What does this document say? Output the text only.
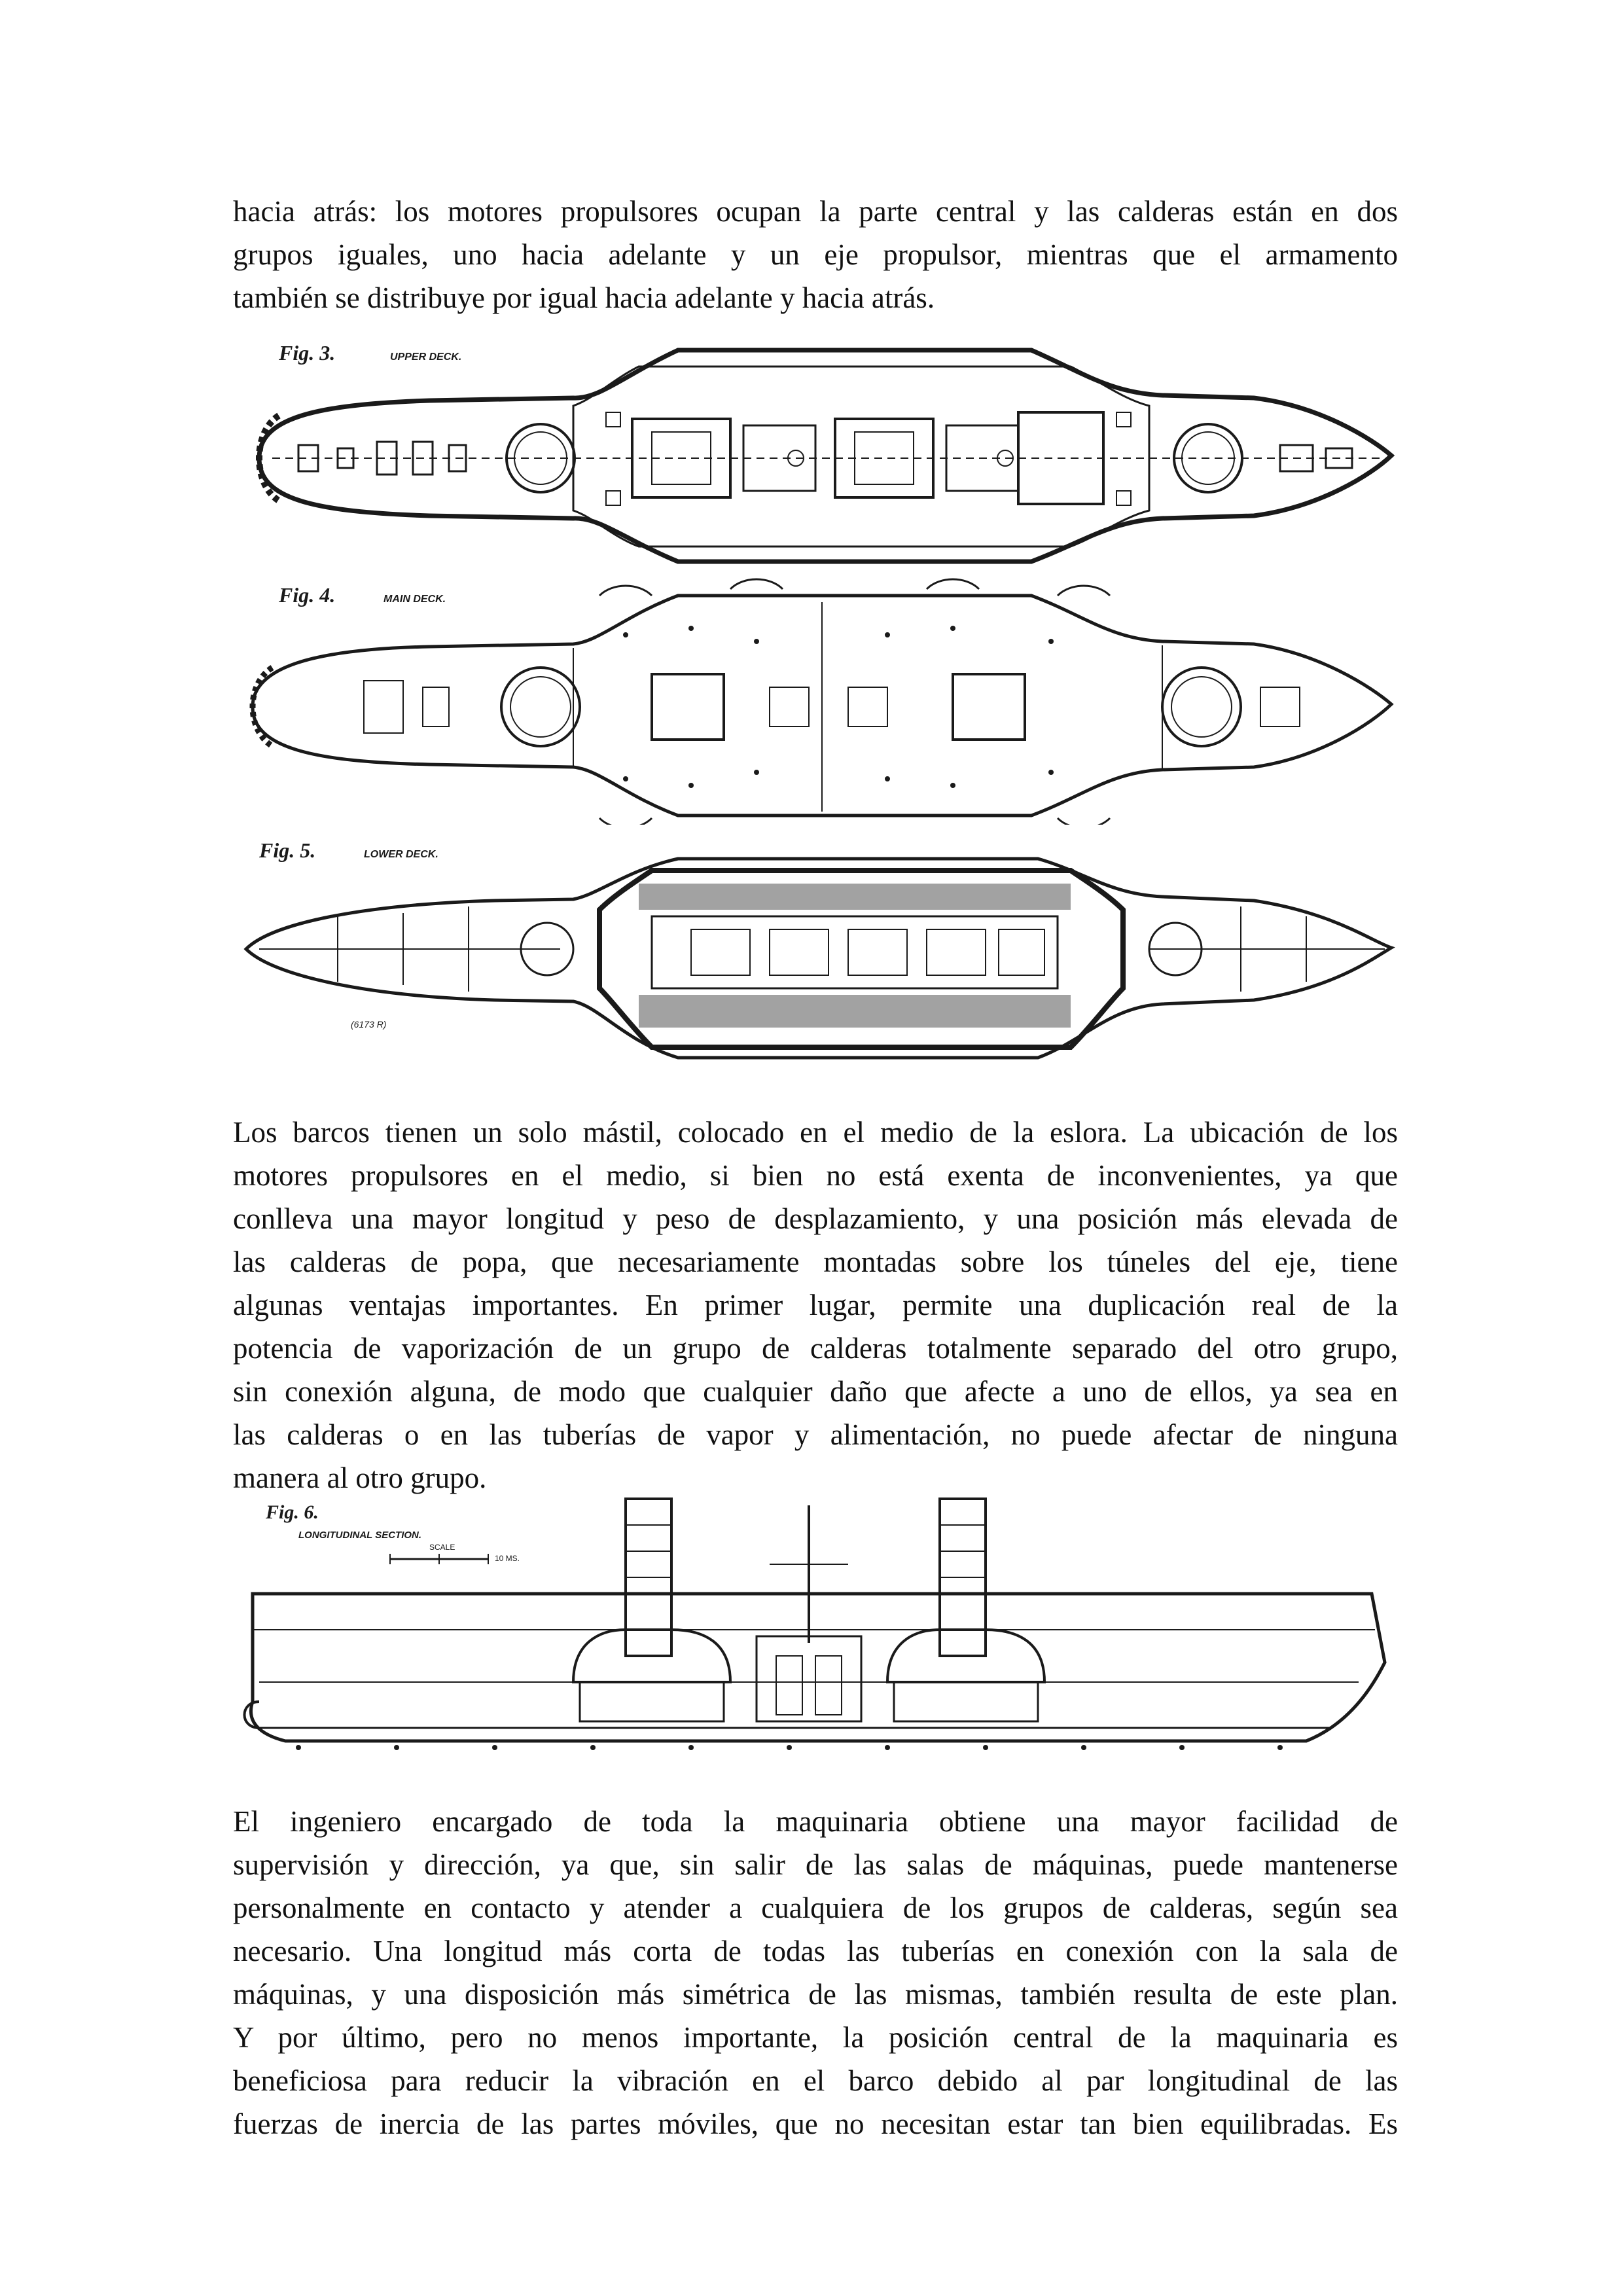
hacia atrás: los motores propulsores ocupan la parte central y las calderas están en dos
grupos iguales, uno hacia adelante y un eje propulsor, mientras que el armamento
también se distribuye por igual hacia adelante y hacia atrás.

Fig. 3.	UPPER DECK.
Fig. 4.	MAIN DECK.
Fig. 5.	LOWER DECK.
(6173 R)

Los barcos tienen un solo mástil, colocado en el medio de la eslora. La ubicación de los
motores propulsores en el medio, si bien no está exenta de inconvenientes, ya que
conlleva una mayor longitud y peso de desplazamiento, y una posición más elevada de
las calderas de popa, que necesariamente montadas sobre los túneles del eje, tiene
algunas ventajas importantes. En primer lugar, permite una duplicación real de la
potencia de vaporización de un grupo de calderas totalmente separado del otro grupo,
sin conexión alguna, de modo que cualquier daño que afecte a uno de ellos, ya sea en
las calderas o en las tuberías de vapor y alimentación, no puede afectar de ninguna
manera al otro grupo.

Fig. 6.
LONGITUDINAL SECTION.
SCALE
10 MS.

El ingeniero encargado de toda la maquinaria obtiene una mayor facilidad de
supervisión y dirección, ya que, sin salir de las salas de máquinas, puede mantenerse
personalmente en contacto y atender a cualquiera de los grupos de calderas, según sea
necesario. Una longitud más corta de todas las tuberías en conexión con la sala de
máquinas, y una disposición más simétrica de las mismas, también resulta de este plan.
Y por último, pero no menos importante, la posición central de la maquinaria es
beneficiosa para reducir la vibración en el barco debido al par longitudinal de las
fuerzas de inercia de las partes móviles, que no necesitan estar tan bien equilibradas. Es
